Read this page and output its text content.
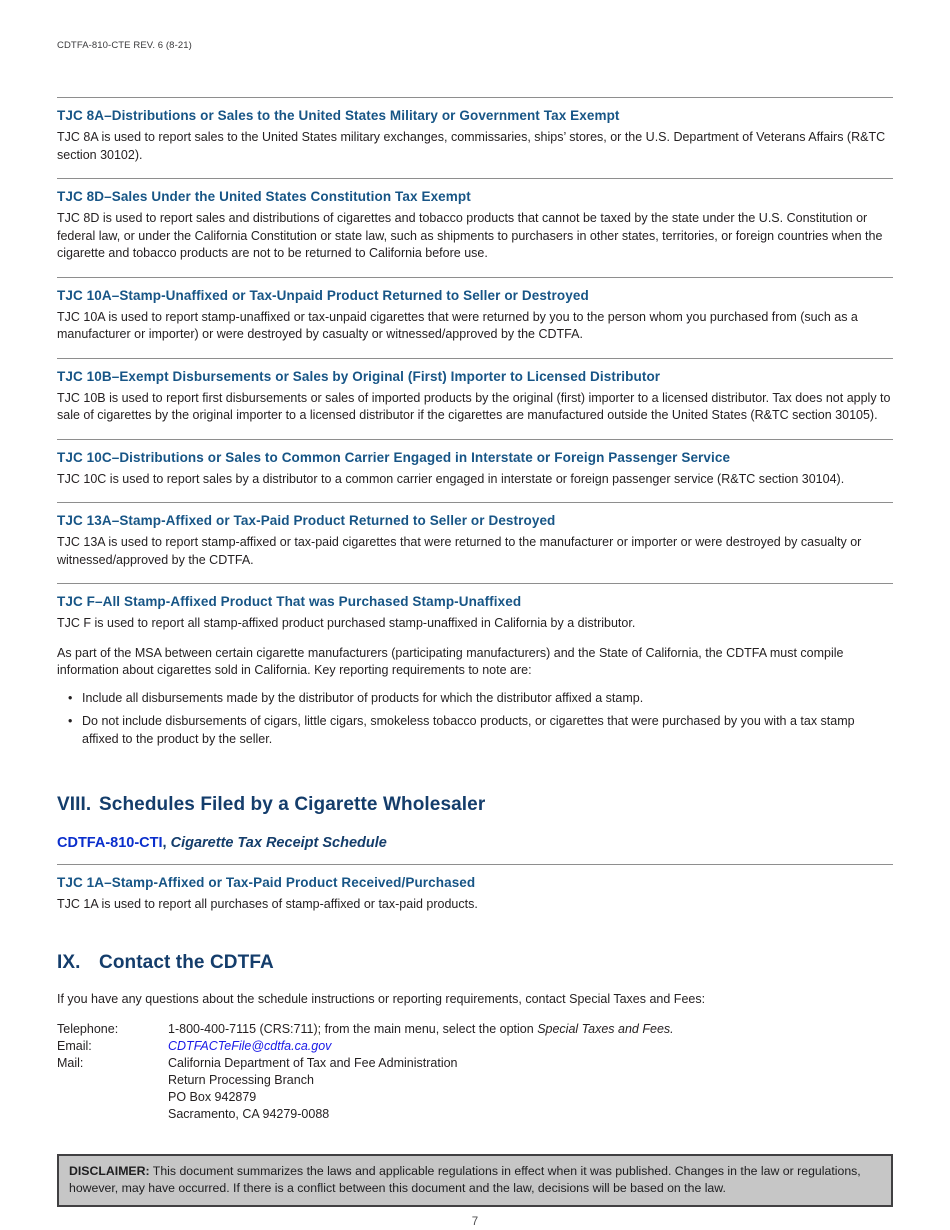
CDTFA-810-CTE REV. 6 (8-21)
TJC 8A–Distributions or Sales to the United States Military or Government Tax Exempt

TJC 8A is used to report sales to the United States military exchanges, commissaries, ships’ stores, or the U.S. Department of Veterans Affairs (R&TC section 30102).

TJC 8D–Sales Under the United States Constitution Tax Exempt

TJC 8D is used to report sales and distributions of cigarettes and tobacco products that cannot be taxed by the state under the U.S. Constitution or federal law, or under the California Constitution or state law, such as shipments to purchasers in other states, territories, or foreign countries when the cigarette and tobacco products are not to be returned to California before use.

TJC 10A–Stamp-Unaffixed or Tax-Unpaid Product Returned to Seller or Destroyed

TJC 10A is used to report stamp-unaffixed or tax-unpaid cigarettes that were returned by you to the person whom you purchased from (such as a manufacturer or importer) or were destroyed by casualty or witnessed/approved by the CDTFA.

TJC 10B–Exempt Disbursements or Sales by Original (First) Importer to Licensed Distributor

TJC 10B is used to report first disbursements or sales of imported products by the original (first) importer to a licensed distributor. Tax does not apply to sale of cigarettes by the original importer to a licensed distributor if the cigarettes are manufactured outside the United States (R&TC section 30105).

TJC 10C–Distributions or Sales to Common Carrier Engaged in Interstate or Foreign Passenger Service

TJC 10C is used to report sales by a distributor to a common carrier engaged in interstate or foreign passenger service (R&TC section 30104).

TJC 13A–Stamp-Affixed or Tax-Paid Product Returned to Seller or Destroyed

TJC 13A is used to report stamp-affixed or tax-paid cigarettes that were returned to the manufacturer or importer or were destroyed by casualty or witnessed/approved by the CDTFA.

TJC F–All Stamp-Affixed Product That was Purchased Stamp-Unaffixed

TJC F is used to report all stamp-affixed product purchased stamp-unaffixed in California by a distributor.

As part of the MSA between certain cigarette manufacturers (participating manufacturers) and the State of California, the CDTFA must compile information about cigarettes sold in California. Key reporting requirements to note are:

• Include all disbursements made by the distributor of products for which the distributor affixed a stamp.
• Do not include disbursements of cigars, little cigars, smokeless tobacco products, or cigarettes that were purchased by you with a tax stamp affixed to the product by the seller.
VIII. Schedules Filed by a Cigarette Wholesaler
CDTFA-810-CTI, Cigarette Tax Receipt Schedule
TJC 1A–Stamp-Affixed or Tax-Paid Product Received/Purchased

TJC 1A is used to report all purchases of stamp-affixed or tax-paid products.

IX. Contact the CDTFA

If you have any questions about the schedule instructions or reporting requirements, contact Special Taxes and Fees:

Telephone:	1-800-400-7115 (CRS:711); from the main menu, select the option Special Taxes and Fees.
Email:	CDTFACTeFile@cdtfa.ca.gov
Mail:	California Department of Tax and Fee Administration
Return Processing Branch
PO Box 942879
Sacramento, CA 94279-0088
DISCLAIMER: This document summarizes the laws and applicable regulations in effect when it was published. Changes in the law or regulations, however, may have occurred. If there is a conflict between this document and the law, decisions will be based on the law.
7
